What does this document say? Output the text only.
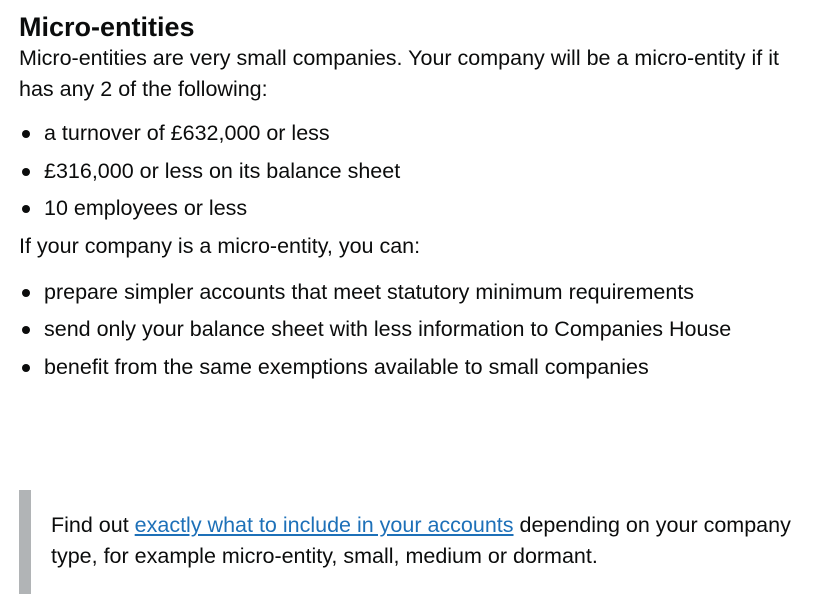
Micro-entities

Micro-entities are very small companies. Your company will be a micro-entity if it has any 2 of the following:

a turnover of £632,000 or less
£316,000 or less on its balance sheet
10 employees or less

If your company is a micro-entity, you can:

prepare simpler accounts that meet statutory minimum requirements
send only your balance sheet with less information to Companies House
benefit from the same exemptions available to small companies

Find out exactly what to include in your accounts depending on your company type, for example micro-entity, small, medium or dormant.
